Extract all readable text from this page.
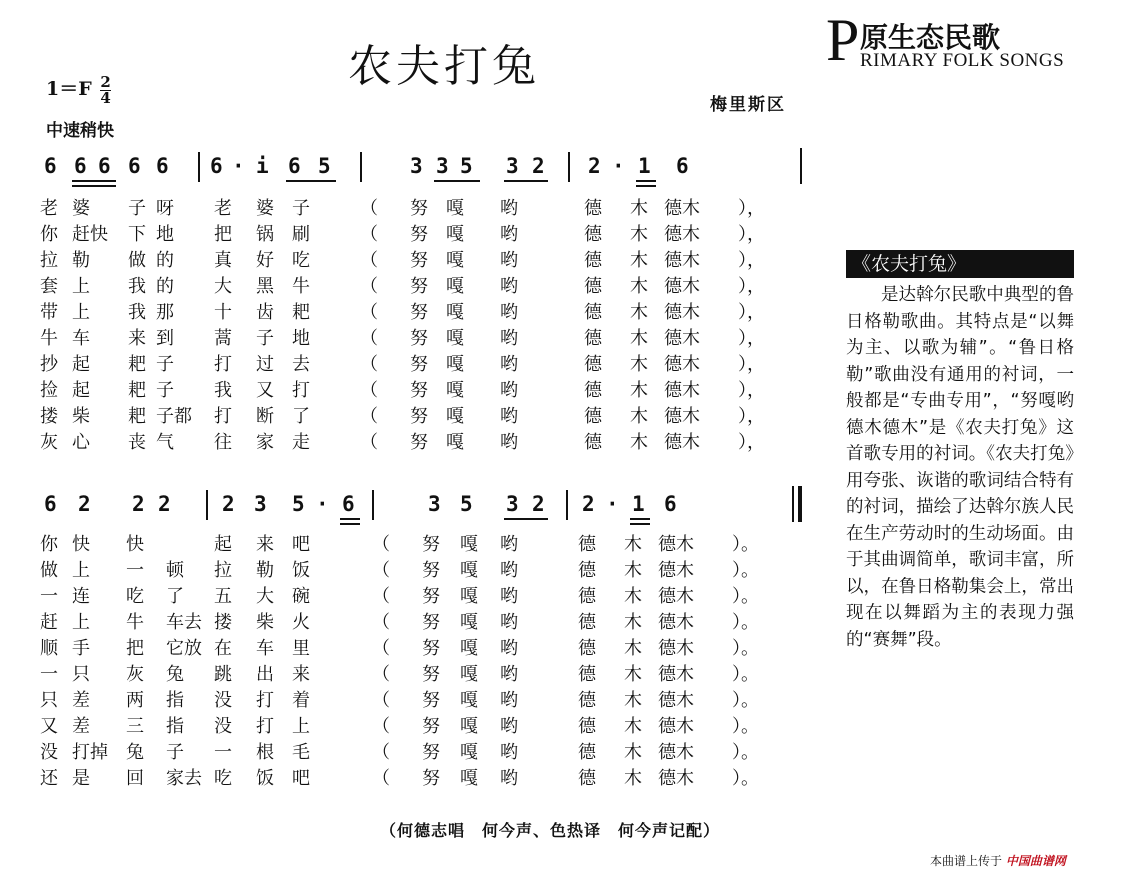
农夫打兔	P 原生态民歌
RIMARY FOLK SONGS
$1=F \frac{2}{4}$
中速稍快
梅里斯区
6 6 6 6 6 6 · i 6 5	3 3 5 3 2 2 · 1 6
老 婆 子 呀 老 婆 子	（ 努 嘎 哟	德 木 德木 ），
你 赶快 下 地 把 锅 刷	（ 努 嘎 哟	德 木 德木 ），
拉 勒 做 的 真 好 吃	（ 努 嘎 哟	德 木 德木 ），
套 上 我 的 大 黑 牛	（ 努 嘎 哟	德 木 德木 ），
带 上 我 那 十 齿 耙	（ 努 嘎 哟	德 木 德木 ），
牛 车 来 到 蒿 子 地	（ 努 嘎 哟	德 木 德木 ），
抄 起 耙 子 打 过 去	（ 努 嘎 哟	德 木 德木 ），
捡 起 耙 子 我 又 打	（ 努 嘎 哟	德 木 德木 ），
搂 柴 耙 子都 打 断 了	（ 努 嘎 哟	德 木 德木 ），
灰 心 丧 气 往 家 走	（ 努 嘎 哟	德 木 德木 ），
6 2 2 2 2 3 5 · 6	3 5 3 2 2 · 1 6
你 快 快	起 来 吧	（ 努 嘎 哟	德 木 德木 ）。
做 上 一 顿 拉 勒 饭	（ 努 嘎 哟	德 木 德木 ）。
一 连 吃 了 五 大 碗	（ 努 嘎 哟	德 木 德木 ）。
赶 上 牛 车去 搂 柴 火	（ 努 嘎 哟	德 木 德木 ）。
顺 手 把 它放 在 车 里	（ 努 嘎 哟	德 木 德木 ）。
一 只 灰 兔 跳 出 来	（ 努 嘎 哟	德 木 德木 ）。
只 差 两 指 没 打 着	（ 努 嘎 哟	德 木 德木 ）。
又 差 三 指 没 打 上	（ 努 嘎 哟	德 木 德木 ）。
没 打掉 兔 子 一 根 毛	（ 努 嘎 哟	德 木 德木 ）。
还 是 回 家去 吃 饭 吧	（ 努 嘎 哟	德 木 德木 ）。
《农夫打兔》
是达斡尔民歌中典型的鲁日格勒歌曲。其特点是“以舞为主、以歌为辅”。“鲁日格勒”歌曲没有通用的衬词，一般都是“专曲专用”，“努嘎哟德木德木”是《农夫打兔》这首歌专用的衬词。《农夫打兔》用夸张、诙谐的歌词结合特有的衬词，描绘了达斡尔族人民在生产劳动时的生动场面。由于其曲调简单，歌词丰富，所以，在鲁日格勒集会上，常出现在以舞蹈为主的表现力强的“赛舞”段。
（何德志唱　何今声、色热译　何今声记配）
本曲谱上传于 中国曲谱网
